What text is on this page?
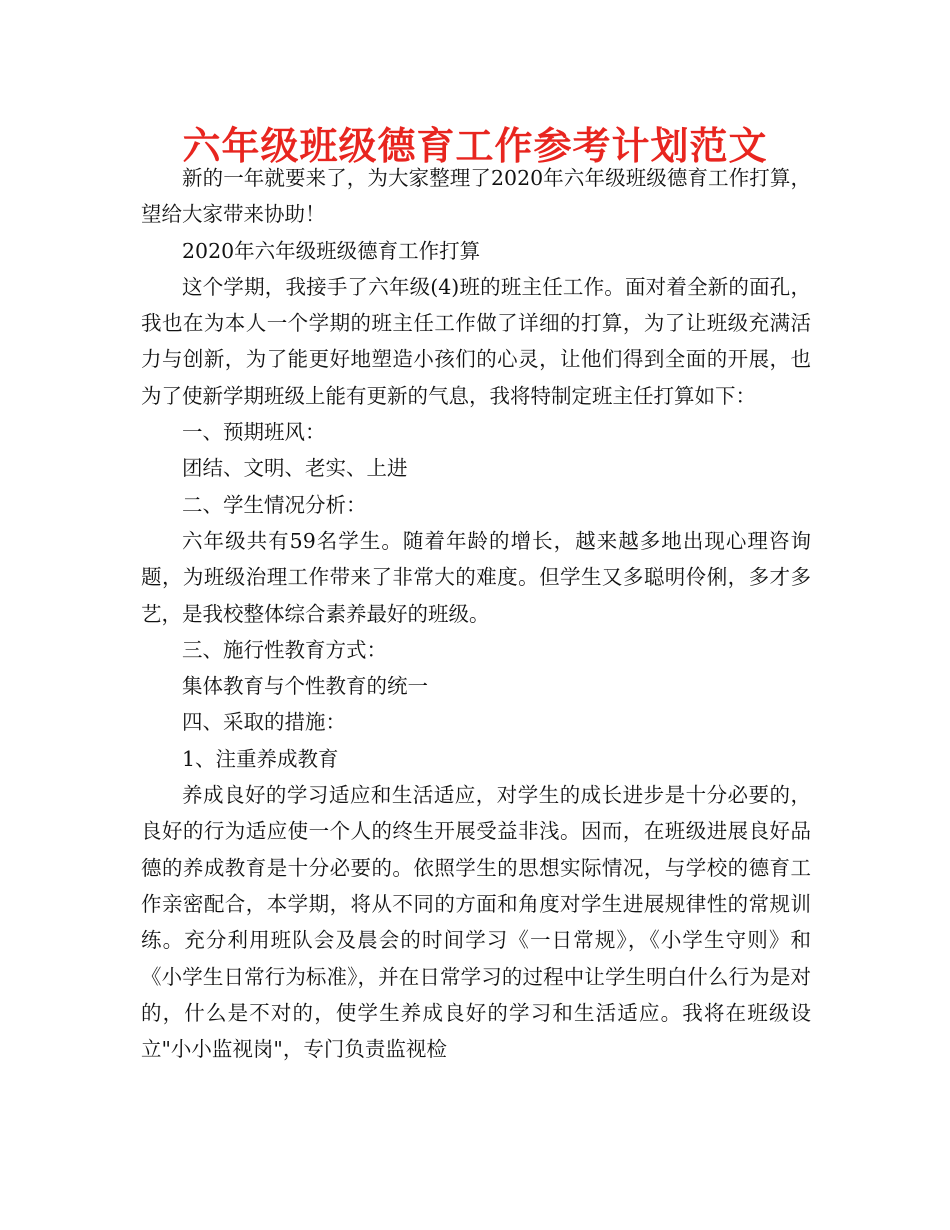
六年级班级德育工作参考计划范文

新的一年就要来了，为大家整理了2020年六年级班级德育工作打算，望给大家带来协助！

2020年六年级班级德育工作打算

这个学期，我接手了六年级(4)班的班主任工作。面对着全新的面孔，我也在为本人一个学期的班主任工作做了详细的打算，为了让班级充满活力与创新，为了能更好地塑造小孩们的心灵，让他们得到全面的开展，也为了使新学期班级上能有更新的气息，我将特制定班主任打算如下：

一、预期班风：

团结、文明、老实、上进

二、学生情况分析：

六年级共有59名学生。随着年龄的增长，越来越多地出现心理咨询题，为班级治理工作带来了非常大的难度。但学生又多聪明伶俐，多才多艺，是我校整体综合素养最好的班级。

三、施行性教育方式：

集体教育与个性教育的统一

四、采取的措施：

1、注重养成教育

养成良好的学习适应和生活适应，对学生的成长进步是十分必要的，良好的行为适应使一个人的终生开展受益非浅。因而，在班级进展良好品德的养成教育是十分必要的。依照学生的思想实际情况，与学校的德育工作亲密配合，本学期，将从不同的方面和角度对学生进展规律性的常规训练。充分利用班队会及晨会的时间学习《一日常规》，《小学生守则》和《小学生日常行为标准》，并在日常学习的过程中让学生明白什么行为是对的，什么是不对的，使学生养成良好的学习和生活适应。我将在班级设立"小小监视岗"，专门负责监视检
